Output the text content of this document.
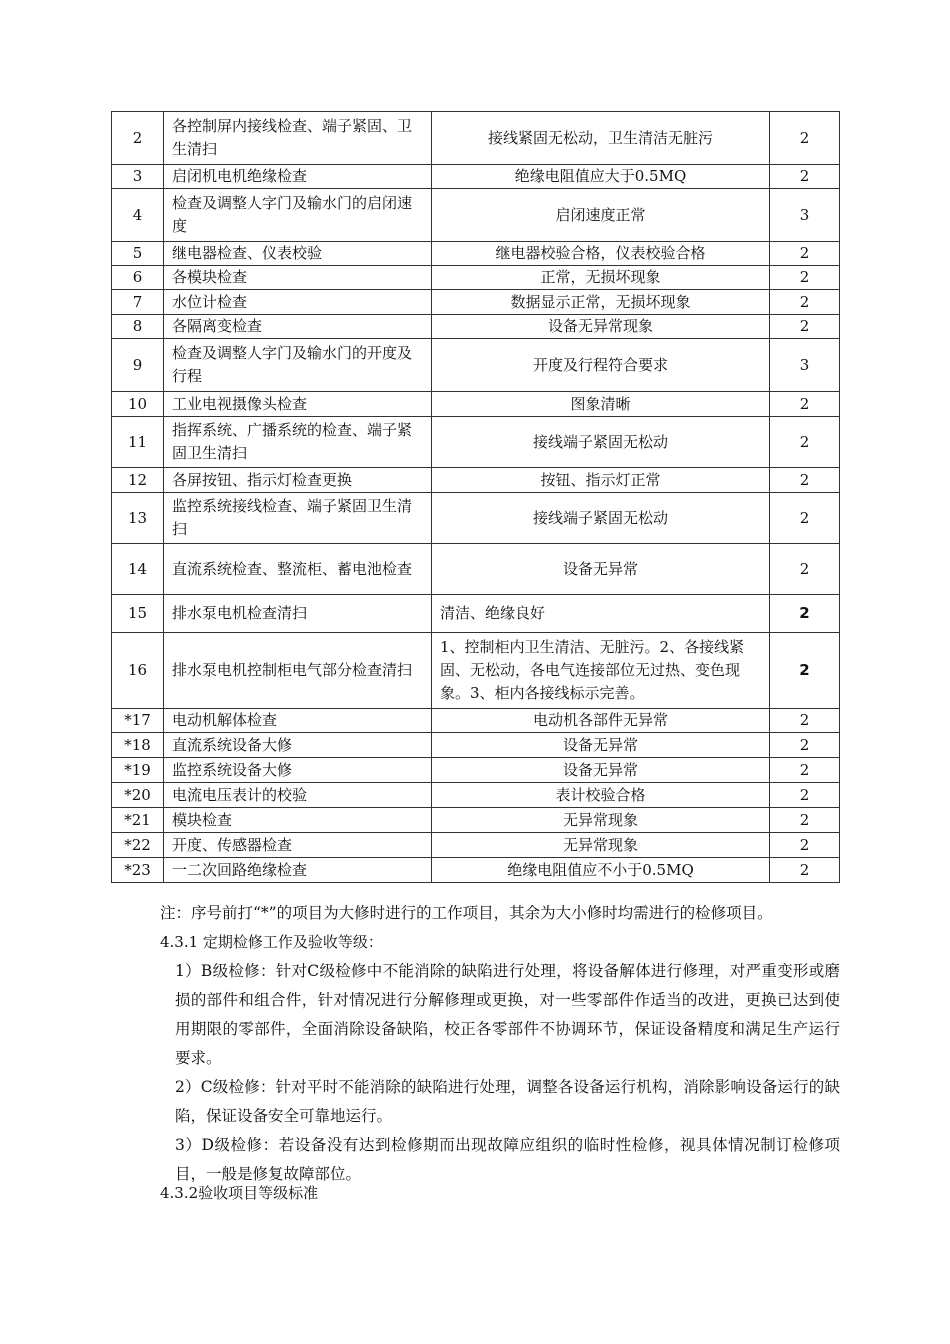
2	各控制屏内接线检查、端子紧固、卫生清扫	接线紧固无松动，卫生清洁无脏污	2
3	启闭机电机绝缘检查	绝缘电阻值应大于0.5MQ	2
4	检查及调整人字门及输水门的启闭速度	启闭速度正常	3
5	继电器检查、仪表校验	继电器校验合格，仪表校验合格	2
6	各模块检查	正常，无损坏现象	2
7	水位计检查	数据显示正常，无损坏现象	2
8	各隔离变检查	设备无异常现象	2
9	检查及调整人字门及输水门的开度及行程	开度及行程符合要求	3
10	工业电视摄像头检查	图象清晰	2
11	指挥系统、广播系统的检查、端子紧固卫生清扫	接线端子紧固无松动	2
12	各屏按钮、指示灯检查更换	按钮、指示灯正常	2
13	监控系统接线检查、端子紧固卫生清扫	接线端子紧固无松动	2
14	直流系统检查、整流柜、蓄电池检查	设备无异常	2
15	排水泵电机检查清扫	清洁、绝缘良好	2
16	排水泵电机控制柜电气部分检查清扫	1、控制柜内卫生清洁、无脏污。2、各接线紧固、无松动，各电气连接部位无过热、变色现象。3、柜内各接线标示完善。	2
*17	电动机解体检查	电动机各部件无异常	2
*18	直流系统设备大修	设备无异常	2
*19	监控系统设备大修	设备无异常	2
*20	电流电压表计的校验	表计校验合格	2
*21	模块检查	无异常现象	2
*22	开度、传感器检查	无异常现象	2
*23	一二次回路绝缘检查	绝缘电阻值应不小于0.5MQ	2
注：序号前打“*”的项目为大修时进行的工作项目，其余为大小修时均需进行的检修项目。
4.3.1 定期检修工作及验收等级：
1）B级检修：针对C级检修中不能消除的缺陷进行处理，将设备解体进行修理，对严重变形或磨损的部件和组合件，针对情况进行分解修理或更换，对一些零部件作适当的改进，更换已达到使用期限的零部件，全面消除设备缺陷，校正各零部件不协调环节，保证设备精度和满足生产运行要求。
2）C级检修：针对平时不能消除的缺陷进行处理，调整各设备运行机构，消除影响设备运行的缺陷，保证设备安全可靠地运行。
3）D级检修：若设备没有达到检修期而出现故障应组织的临时性检修，视具体情况制订检修项目，一般是修复故障部位。
4.3.2验收项目等级标准
